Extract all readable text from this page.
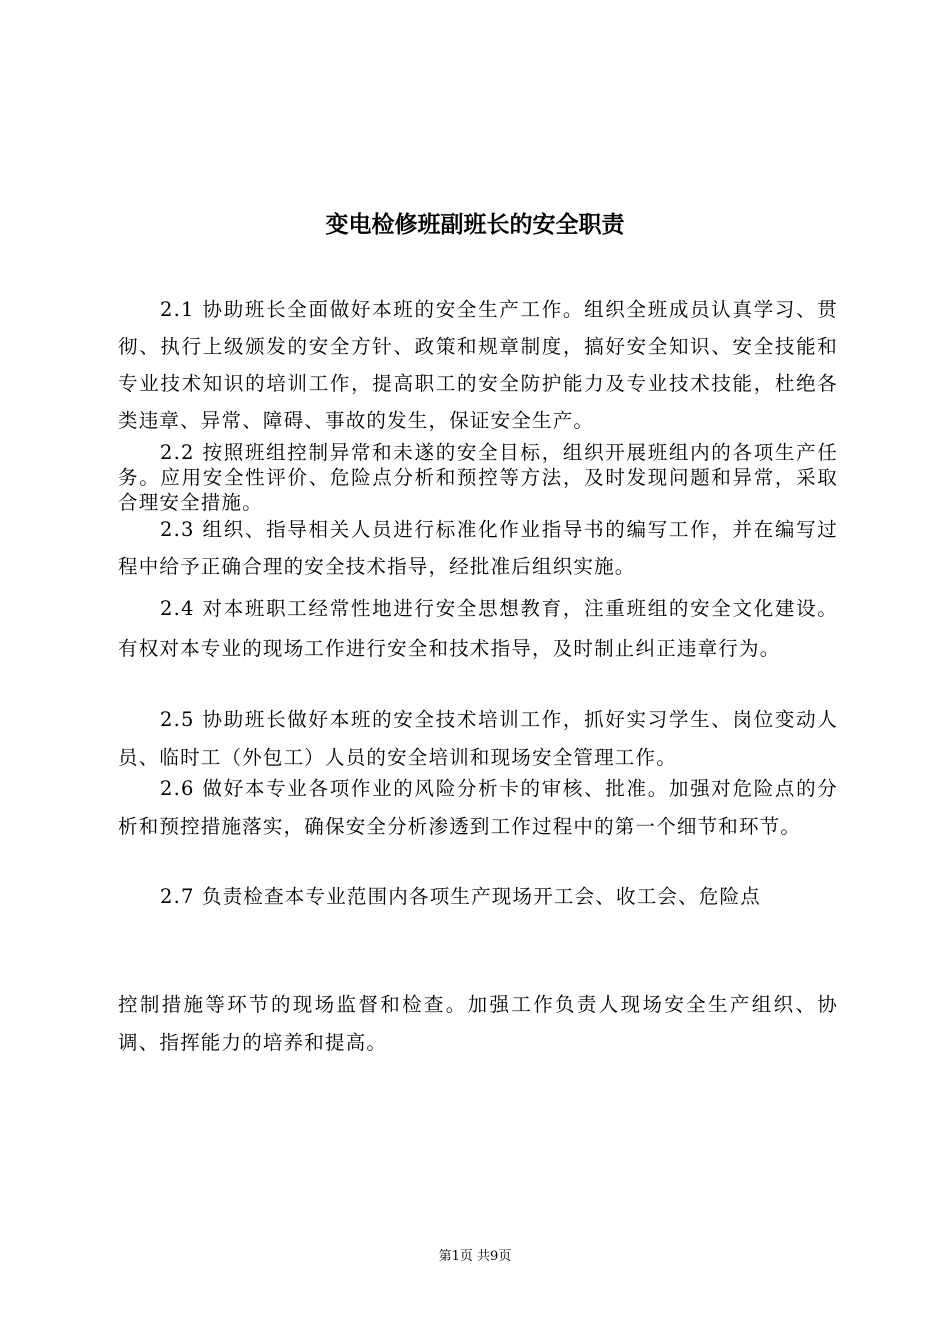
变电检修班副班长的安全职责

2.1 协助班长全面做好本班的安全生产工作。组织全班成员认真学习、贯彻、执行上级颁发的安全方针、政策和规章制度，搞好安全知识、安全技能和专业技术知识的培训工作，提高职工的安全防护能力及专业技术技能，杜绝各类违章、异常、障碍、事故的发生，保证安全生产。

2.2 按照班组控制异常和未遂的安全目标，组织开展班组内的各项生产任务。应用安全性评价、危险点分析和预控等方法，及时发现问题和异常，采取合理安全措施。

2.3 组织、指导相关人员进行标准化作业指导书的编写工作，并在编写过程中给予正确合理的安全技术指导，经批准后组织实施。

2.4 对本班职工经常性地进行安全思想教育，注重班组的安全文化建设。有权对本专业的现场工作进行安全和技术指导，及时制止纠正违章行为。

2.5 协助班长做好本班的安全技术培训工作，抓好实习学生、岗位变动人员、临时工（外包工）人员的安全培训和现场安全管理工作。

2.6 做好本专业各项作业的风险分析卡的审核、批准。加强对危险点的分析和预控措施落实，确保安全分析渗透到工作过程中的第一个细节和环节。

2.7 负责检查本专业范围内各项生产现场开工会、收工会、危险点

控制措施等环节的现场监督和检查。加强工作负责人现场安全生产组织、协调、指挥能力的培养和提高。

第1页 共9页
